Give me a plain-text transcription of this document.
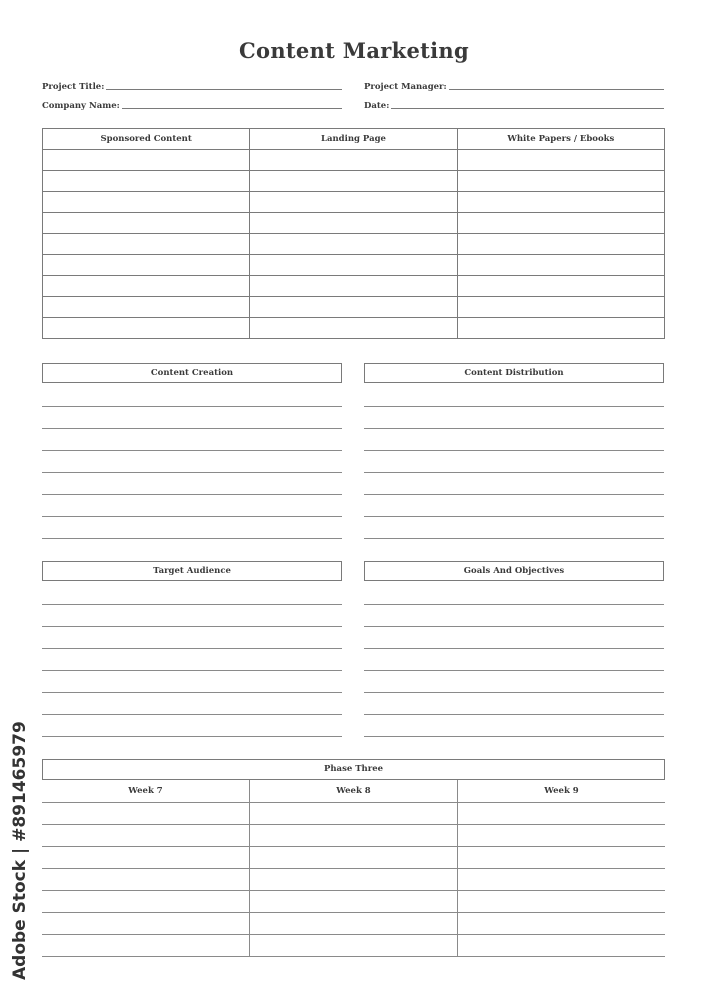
Content Marketing
Project Title:	Project Manager:
Company Name:	Date:
Sponsored Content	Landing Page	White Papers / Ebooks

Content Creation	Content Distribution
Target Audience	Goals And Objectives
Phase Three
Week 7	Week 8	Week 9
Adobe Stock | #891465979
